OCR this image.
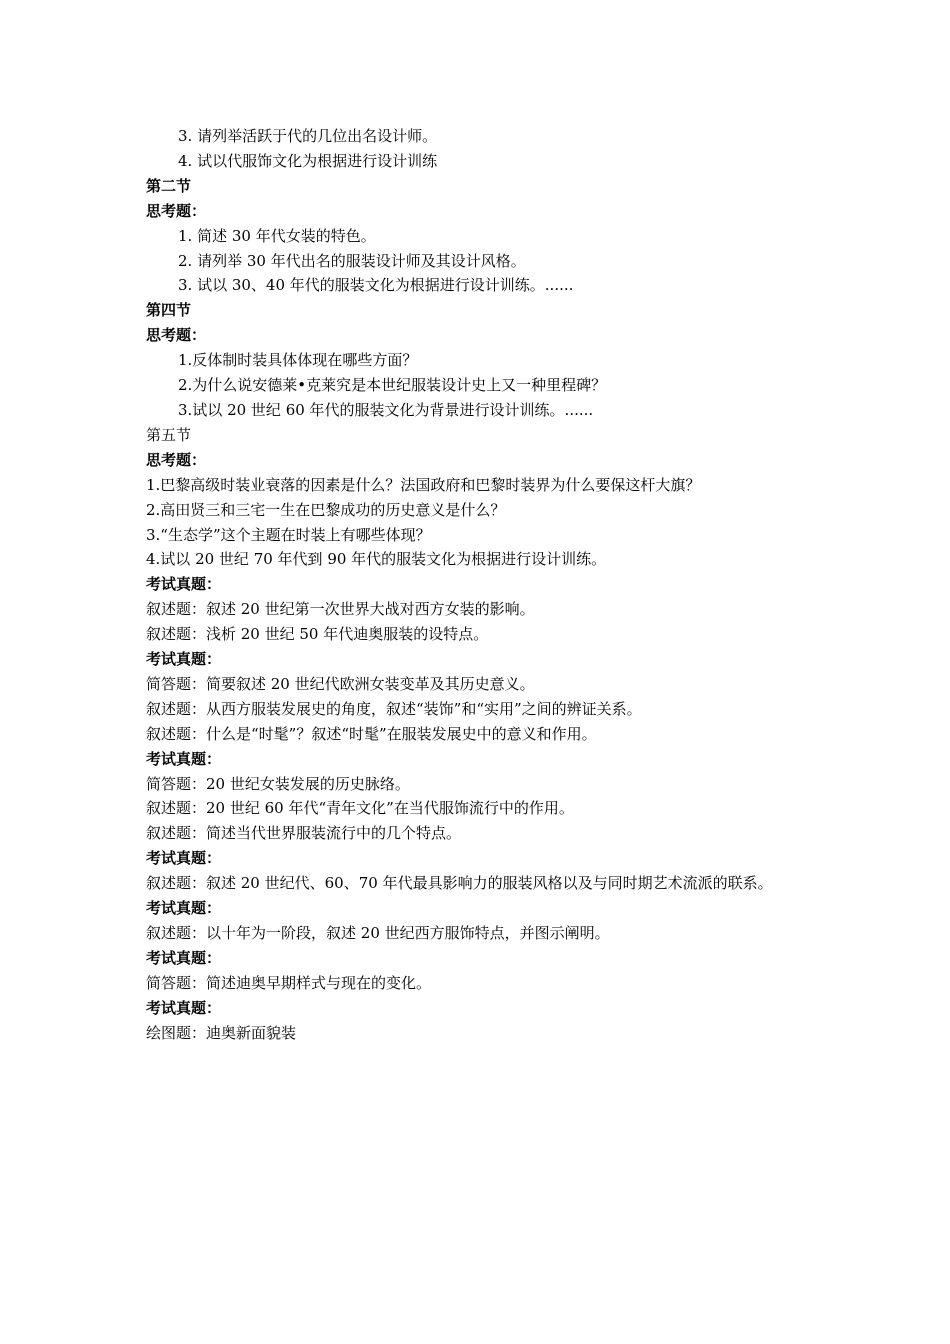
3. 请列举活跃于代的几位出名设计师。

4. 试以代服饰文化为根据进行设计训练

第二节

思考题：

1. 简述 30 年代女装的特色。

2. 请列举 30 年代出名的服装设计师及其设计风格。

3. 试以 30、40 年代的服装文化为根据进行设计训练。......

第四节

思考题：

1.反体制时装具体体现在哪些方面？

2.为什么说安德莱•克莱究是本世纪服装设计史上又一种里程碑？

3.试以 20 世纪 60 年代的服装文化为背景进行设计训练。......

第五节

思考题：

1.巴黎高级时装业衰落的因素是什么？法国政府和巴黎时装界为什么要保这杆大旗？

2.高田贤三和三宅一生在巴黎成功的历史意义是什么？

3.“生态学”这个主题在时装上有哪些体现？

4.试以 20 世纪 70 年代到 90 年代的服装文化为根据进行设计训练。

考试真题：

叙述题：叙述 20 世纪第一次世界大战对西方女装的影响。

叙述题：浅析 20 世纪 50 年代迪奥服装的设特点。

考试真题：

简答题：简要叙述 20 世纪代欧洲女装变革及其历史意义。

叙述题：从西方服装发展史的角度，叙述“装饰”和“实用”之间的辨证关系。

叙述题：什么是“时髦”？叙述“时髦”在服装发展史中的意义和作用。

考试真题：

简答题：20 世纪女装发展的历史脉络。

叙述题：20 世纪 60 年代“青年文化”在当代服饰流行中的作用。

叙述题：简述当代世界服装流行中的几个特点。

考试真题：

叙述题：叙述 20 世纪代、60、70 年代最具影响力的服装风格以及与同时期艺术流派的联系。

考试真题：

叙述题：以十年为一阶段，叙述 20 世纪西方服饰特点，并图示阐明。

考试真题：

简答题：简述迪奥早期样式与现在的变化。

考试真题：

绘图题：迪奥新面貌装
